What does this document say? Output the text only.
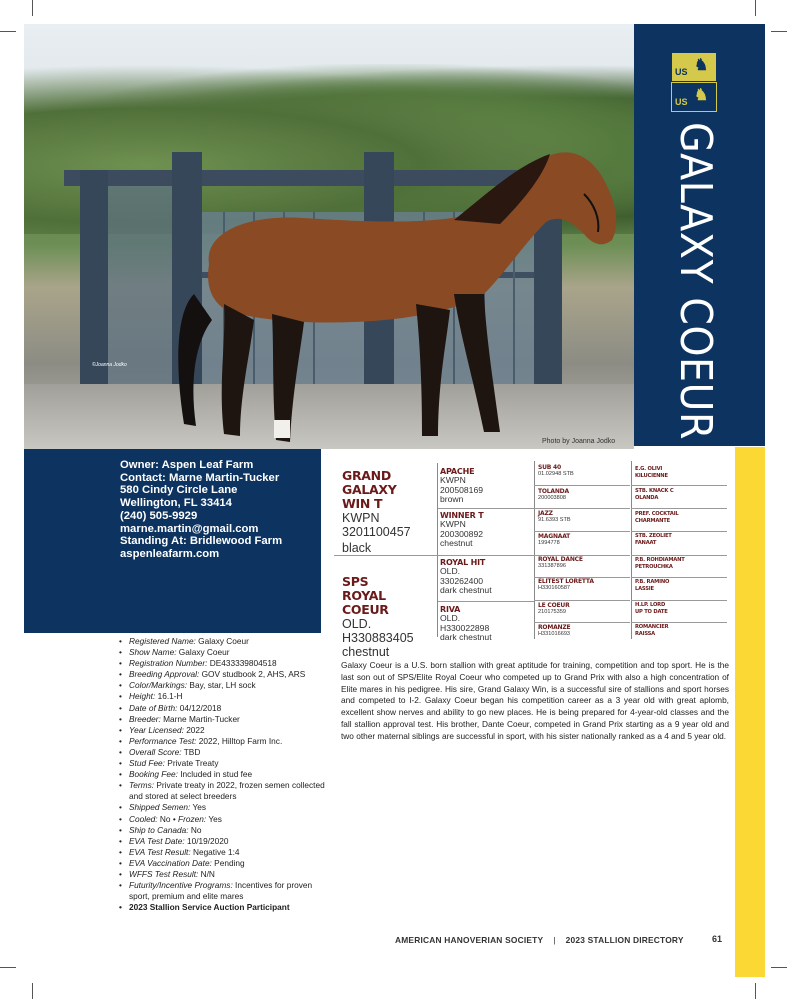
©Joanna Jodko
Photo by Joanna Jodko
US ♞
US ♞
GALAXY COEUR
Owner: Aspen Leaf Farm
Contact: Marne Martin-Tucker
580 Cindy Circle Lane
Wellington, FL 33414
(240) 505-9929
marne.martin@gmail.com
Standing At: Bridlewood Farm
aspenleafarm.com
GRAND GALAXY
WIN T
KWPN
3201100457
black
SPS
ROYAL COEUR
OLD.
H330883405
chestnut
APACHE
KWPN
200508169
brown
WINNER T
KWPN
200300892
chestnut
ROYAL HIT
OLD.
330262400
dark chestnut
RIVA
OLD.
H330022898
dark chestnut
SUB 40
01.02948 STB
TOLANDA
200003808
JAZZ
91.6393 STB
MAGNAAT
1994778
ROYAL DANCE
331387896
ELITEST LORETTA
H330160587
LE COEUR
210175359
ROMANZE
H331016693
E.G. OLIVI
KILUCIENNE
STB. KNACK C
OLANDA
PREF. COCKTAIL
CHARMANTE
STB. ZEOLIET
FANAAT
P.B. ROHDIAMANT
PETROUCHKA
P.B. RAMINO
LASSIE
H.LP. LORD
UP TO DATE
ROMANCIER
RAISSA
• Registered Name: Galaxy Coeur
• Show Name: Galaxy Coeur
• Registration Number: DE433339804518
• Breeding Approval: GOV studbook 2, AHS, ARS
• Color/Markings: Bay, star, LH sock
• Height: 16.1-H
• Date of Birth: 04/12/2018
• Breeder: Marne Martin-Tucker
• Year Licensed: 2022
• Performance Test: 2022, Hilltop Farm Inc.
• Overall Score: TBD
• Stud Fee: Private Treaty
• Booking Fee: Included in stud fee
• Terms: Private treaty in 2022, frozen semen collected and stored at select breeders
• Shipped Semen: Yes
• Cooled: No • Frozen: Yes
• Ship to Canada: No
• EVA Test Date: 10/19/2020
• EVA Test Result: Negative 1:4
• EVA Vaccination Date: Pending
• WFFS Test Result: N/N
• Futurity/Incentive Programs: Incentives for proven sport, premium and elite mares
• 2023 Stallion Service Auction Participant

Galaxy Coeur is a U.S. born stallion with great aptitude for training, competition and top sport. He is the last son out of SPS/Elite Royal Coeur who competed up to Grand Prix with also a high concentration of Elite mares in his pedigree. His sire, Grand Galaxy Win, is a successful sire of stallions and sport horses and competed to I-2. Galaxy Coeur began his competition career as a 3 year old with great aplomb, excellent show nerves and ability to go new places. He is being prepared for 4-year-old classes and the fall stallion approval test. His brother, Dante Coeur, competed in Grand Prix starting as a 9 year old and two other maternal siblings are successful in sport, with his sister nationally ranked as a 4 and 5 year old.

AMERICAN HANOVERIAN SOCIETY | 2023 STALLION DIRECTORY	61
